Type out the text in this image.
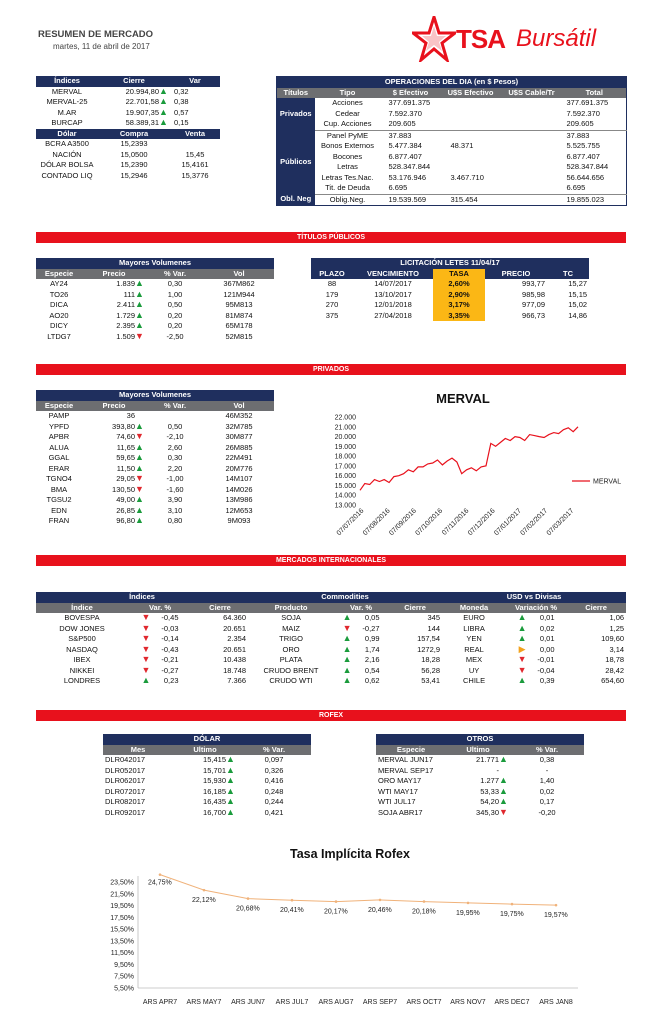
RESUMEN DE MERCADO
martes, 11 de abril de 2017	TSA Bursátil
Índices	Cierre	Var
MERVAL	20.994,80▲	0,32
MERVAL-25	22.701,58▲	0,38
M.AR	19.907,35▲	0,57
BURCAP	58.389,31▲	0,15
Dólar	Compra	Venta
BCRA A3500	15,2393	
NACIÓN	15,0500	15,45
DÓLAR BOLSA	15,2390	15,4161
CONTADO LIQ	15,2946	15,3776
OPERACIONES DEL DIA (en $ Pesos)					
Títulos	Tipo	$ Efectivo	U$S Efectivo	U$S Cable/Tr	Total
Privados	Acciones	377.691.375			377.691.375
	Cedear	7.592.370			7.592.370
	Cup. Acciones	209.605			209.605
Públicos	Panel PyME	37.883			37.883
	Bonos Externos	5.477.384	48.371		5.525.755
	Bocones	6.877.407			6.877.407
	Letras	528.347.844			528.347.844
	Letras Tes.Nac.	53.176.946	3.467.710		56.644.656
	Tit. de Deuda	6.695			6.695
Obl. Neg	Oblig.Neg.	19.539.569	315.454		19.855.023
TÍTULOS PÚBLICOS
Mayores Volumenes			
Especie	Precio	% Var.	Vol
AY24	1.839▲	0,30	367M862
TO26	111▲	1,00	121M944
DICA	2.411▲	0,50	95M813
AO20	1.729▲	0,20	81M874
DICY	2.395▲	0,20	65M178
LTDG7	1.509▼	-2,50	52M815
LICITACIÓN LETES 11/04/17				
PLAZO	VENCIMIENTO	TASA	PRECIO	TC
88	14/07/2017	2,60%	993,77	15,27
179	13/10/2017	2,90%	985,98	15,15
270	12/01/2018	3,17%	977,09	15,02
375	27/04/2018	3,35%	966,73	14,86
PRIVADOS
Mayores Volumenes			
Especie	Precio	% Var.	Vol
PAMP	36		46M352
YPFD	393,80▲	0,50	32M785
APBR	74,60▼	-2,10	30M877
ALUA	11,65▲	2,60	26M885
GGAL	59,65▲	0,30	22M491
ERAR	11,50▲	2,20	20M776
TGNO4	29,05▼	-1,00	14M107
BMA	130,50▼	-1,60	14M026
TGSU2	49,00▲	3,90	13M986
EDN	26,85▲	3,10	12M653
FRAN	96,80▲	0,80	9M093
MERVAL
22.000
21.000
20.000
19.000
18.000
17.000
16.000
15.000
14.000
13.000
07/07/2016
07/08/2016
07/09/2016
07/10/2016
07/11/2016
07/12/2016
07/01/2017
07/02/2017
07/03/2017
MERVAL
MERCADOS INTERNACIONALES
Índices			Commodities			USD vs Divisas		
Índice	Var. %	Cierre	Producto	Var. %	Cierre	Moneda	Variación %	Cierre
BOVESPA	▼-0,45	64.360	SOJA	▲0,05	345	EURO	▲0,01	1,06
DOW JONES	▼-0,03	20.651	MAIZ	▼-0,27	144	LIBRA	▲0,02	1,25
S&P500	▼-0,14	2.354	TRIGO	▲0,99	157,54	YEN	▲0,01	109,60
NASDAQ	▼-0,43	20.651	ORO	▲1,74	1272,9	REAL	▶0,00	3,14
IBEX	▼-0,21	10.438	PLATA	▲2,16	18,28	MEX	▼-0,01	18,78
NIKKEI	▼-0,27	18.748	CRUDO BRENT	▲0,54	56,28	UY	▼-0,04	28,42
LONDRES	▲0,23	7.366	CRUDO WTI	▲0,62	53,41	CHILE	▲0,39	654,60
ROFEX
DÓLAR		
Mes	Ultimo	% Var.
DLR042017	15,415▲	0,097
DLR052017	15,701▲	0,326
DLR062017	15,930▲	0,416
DLR072017	16,185▲	0,248
DLR082017	16,435▲	0,244
DLR092017	16,700▲	0,421
OTROS		
Especie	Ultimo	% Var.
MERVAL JUN17	21.771▲	0,38
MERVAL SEP17	-	-
ORO MAY17	1.277▲	1,40
WTI MAY17	53,33▲	0,02
WTI JUL17	54,20▲	0,17
SOJA ABR17	345,30▼	-0,20
Tasa Implícita Rofex
23,50%
21,50%
19,50%
17,50%
15,50%
13,50%
11,50%
9,50%
7,50%
5,50%
ARS APR7 ARS MAY7 ARS JUN7 ARS JUL7 ARS AUG7 ARS SEP7 ARS OCT7 ARS NOV7 ARS DEC7 ARS JAN8
24,75%
22,12%
20,68%	20,41%	20,17%	20,46%	20,18%	19,95%	19,75%	19,57%
